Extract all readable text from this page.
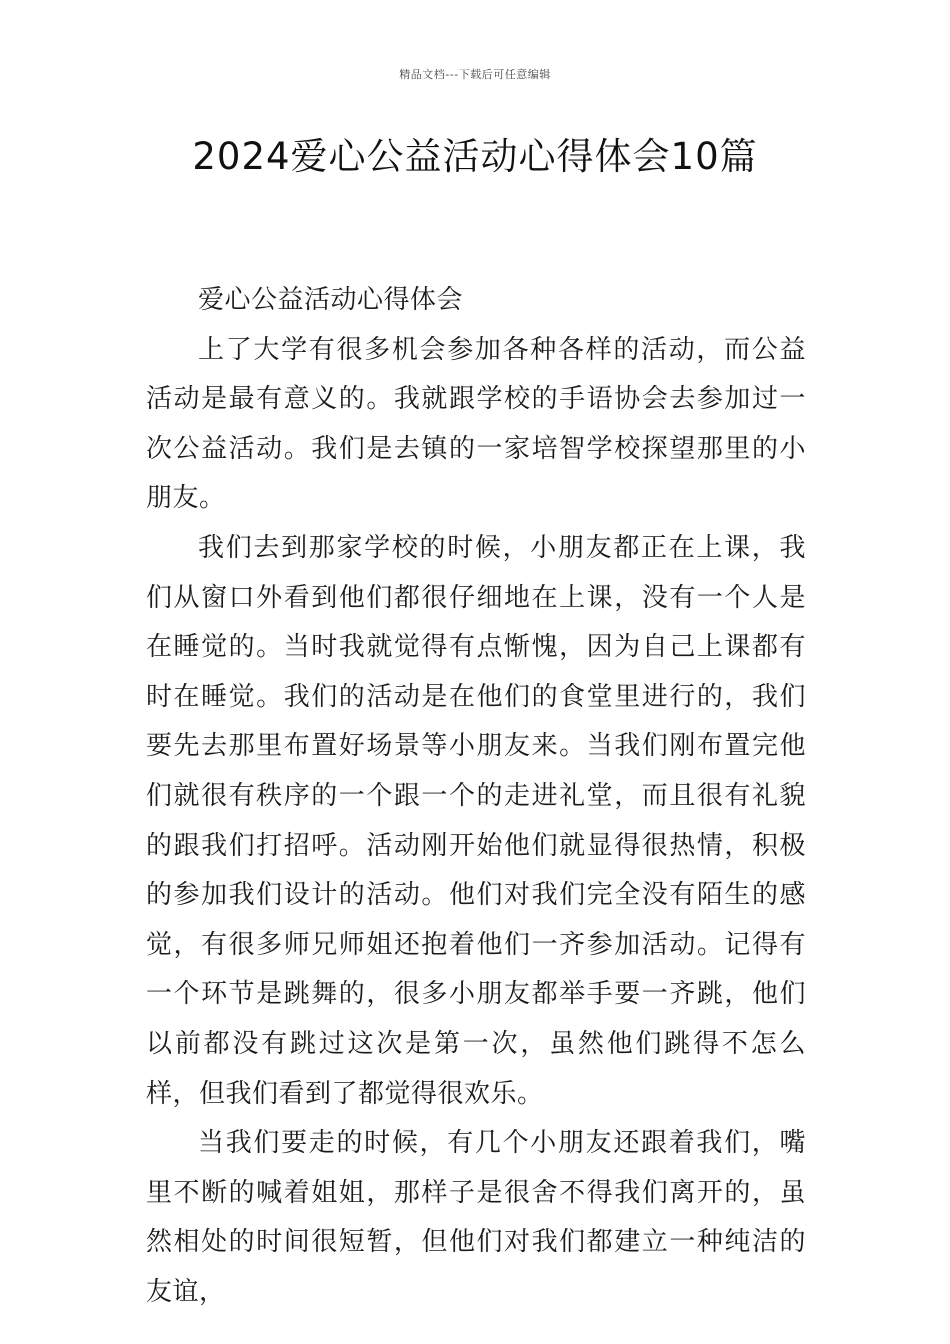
精品文档---下载后可任意编辑
2024爱心公益活动心得体会10篇

爱心公益活动心得体会

上了大学有很多机会参加各种各样的活动，而公益活动是最有意义的。我就跟学校的手语协会去参加过一次公益活动。我们是去镇的一家培智学校探望那里的小朋友。

我们去到那家学校的时候，小朋友都正在上课，我们从窗口外看到他们都很仔细地在上课，没有一个人是在睡觉的。当时我就觉得有点惭愧，因为自己上课都有时在睡觉。我们的活动是在他们的食堂里进行的，我们要先去那里布置好场景等小朋友来。当我们刚布置完他们就很有秩序的一个跟一个的走进礼堂，而且很有礼貌的跟我们打招呼。活动刚开始他们就显得很热情，积极的参加我们设计的活动。他们对我们完全没有陌生的感觉，有很多师兄师姐还抱着他们一齐参加活动。记得有一个环节是跳舞的，很多小朋友都举手要一齐跳，他们以前都没有跳过这次是第一次，虽然他们跳得不怎么样，但我们看到了都觉得很欢乐。

当我们要走的时候，有几个小朋友还跟着我们，嘴里不断的喊着姐姐，那样子是很舍不得我们离开的，虽然相处的时间很短暂，但他们对我们都建立一种纯洁的友谊，
